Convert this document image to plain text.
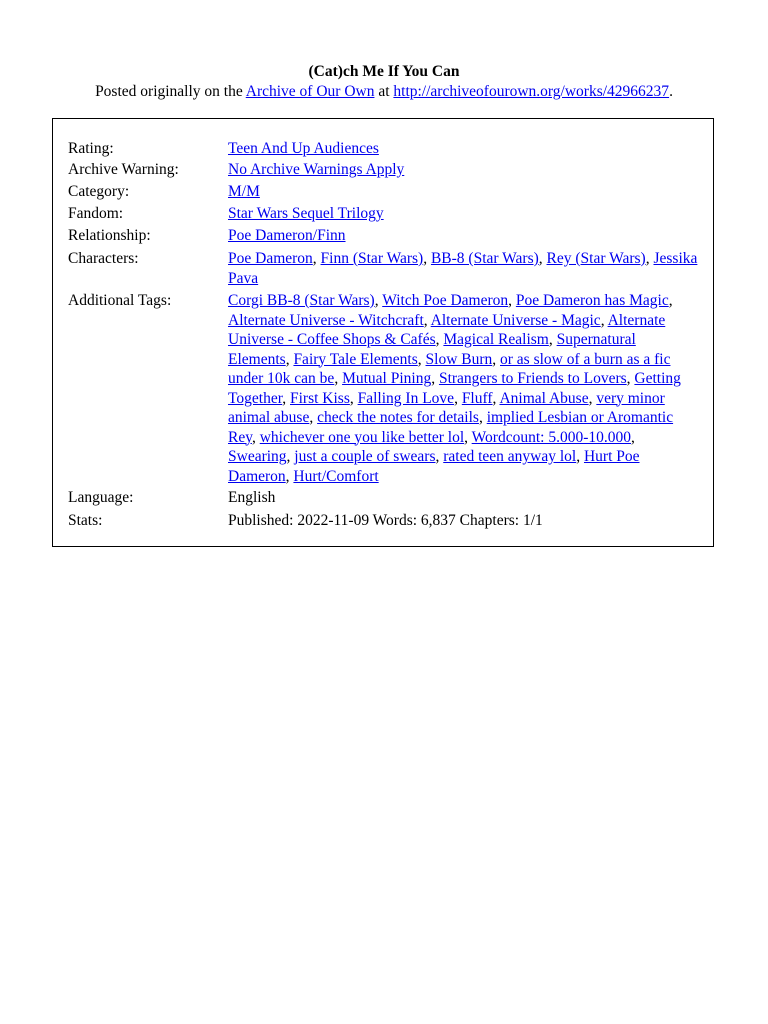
(Cat)ch Me If You Can
Posted originally on the Archive of Our Own at http://archiveofourown.org/works/42966237.
Rating:	Teen And Up Audiences
Archive Warning:	No Archive Warnings Apply
Category:	M/M
Fandom:	Star Wars Sequel Trilogy
Relationship:	Poe Dameron/Finn
Characters:	Poe Dameron, Finn (Star Wars), BB-8 (Star Wars), Rey (Star Wars), Jessika Pava
Additional Tags:	Corgi BB-8 (Star Wars), Witch Poe Dameron, Poe Dameron has Magic, Alternate Universe - Witchcraft, Alternate Universe - Magic, Alternate Universe - Coffee Shops & Cafés, Magical Realism, Supernatural Elements, Fairy Tale Elements, Slow Burn, or as slow of a burn as a fic under 10k can be, Mutual Pining, Strangers to Friends to Lovers, Getting Together, First Kiss, Falling In Love, Fluff, Animal Abuse, very minor animal abuse, check the notes for details, implied Lesbian or Aromantic Rey, whichever one you like better lol, Wordcount: 5.000-10.000, Swearing, just a couple of swears, rated teen anyway lol, Hurt Poe Dameron, Hurt/Comfort
Language:	English
Stats:	Published: 2022-11-09 Words: 6,837 Chapters: 1/1
